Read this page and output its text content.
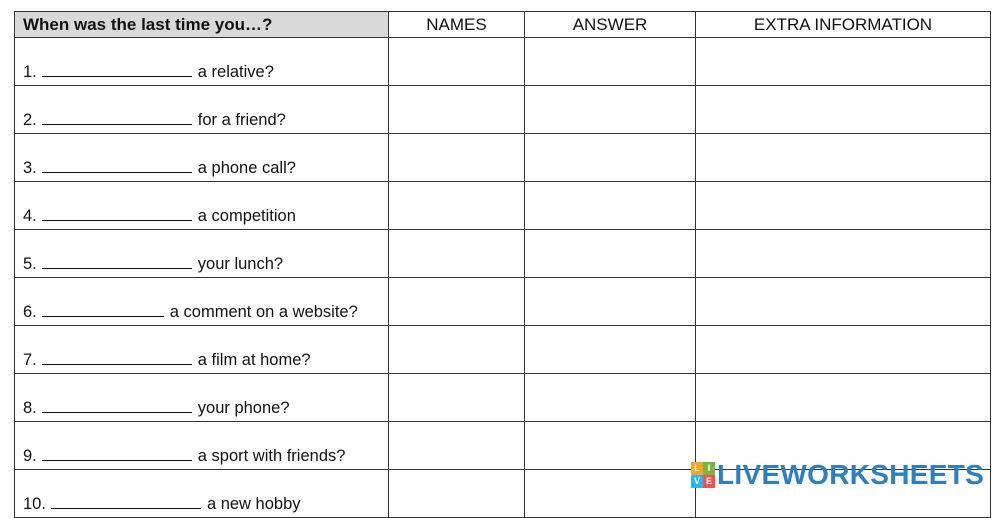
When was the last time you…?	NAMES	ANSWER	EXTRA INFORMATION
1. a relative?			
2. for a friend?			
3. a phone call?			
4. a competition			
5. your lunch?			
6. a comment on a website?			
7. a film at home?			
8. your phone?			
9. a sport with friends?			
10. a new hobby			
L I
V E LIVEWORKSHEETS
